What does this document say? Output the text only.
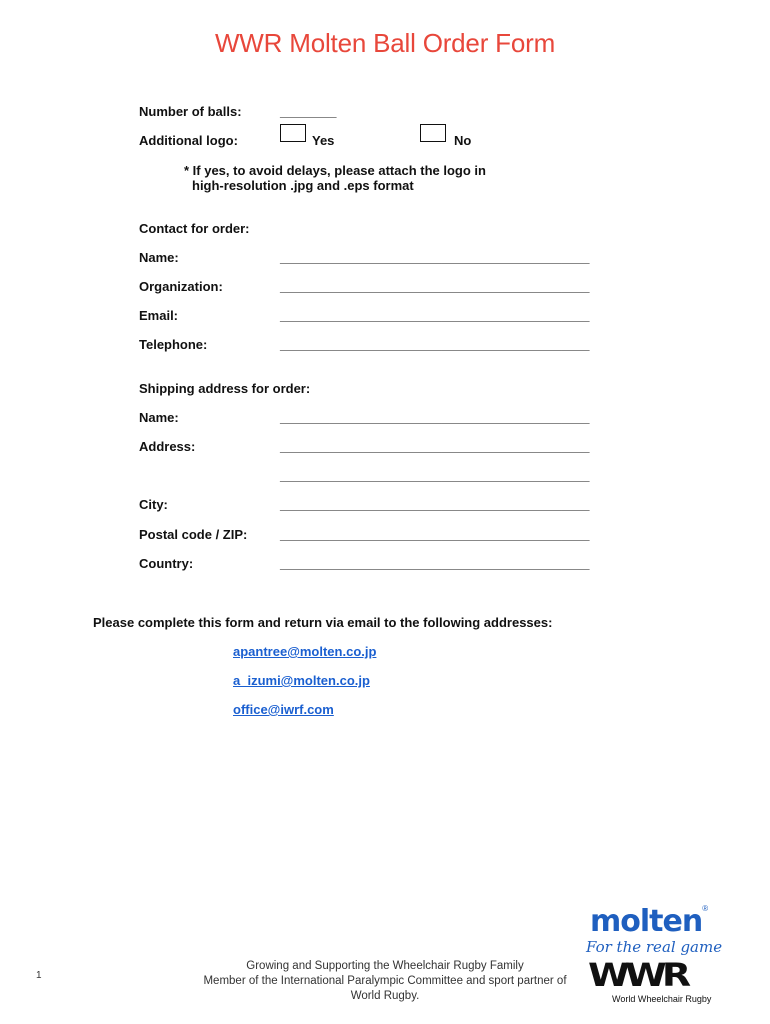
WWR Molten Ball Order Form
Number of balls:	________
Additional logo:	Yes	No
* If yes, to avoid delays, please attach the logo in
high-resolution .jpg and .eps format
Contact for order:
Name:	____________________________________________
Organization:	____________________________________________
Email:	____________________________________________
Telephone:	____________________________________________
Shipping address for order:
Name:	____________________________________________
Address:	____________________________________________
____________________________________________
City:	____________________________________________
Postal code / ZIP:	____________________________________________
Country:	____________________________________________
Please complete this form and return via email to the following addresses:
apantree@molten.co.jp
a_izumi@molten.co.jp
office@iwrf.com
1
Growing and Supporting the Wheelchair Rugby Family
Member of the International Paralympic Committee and sport partner of
World Rugby.
molten®
For the real game
WWR
World Wheelchair Rugby
